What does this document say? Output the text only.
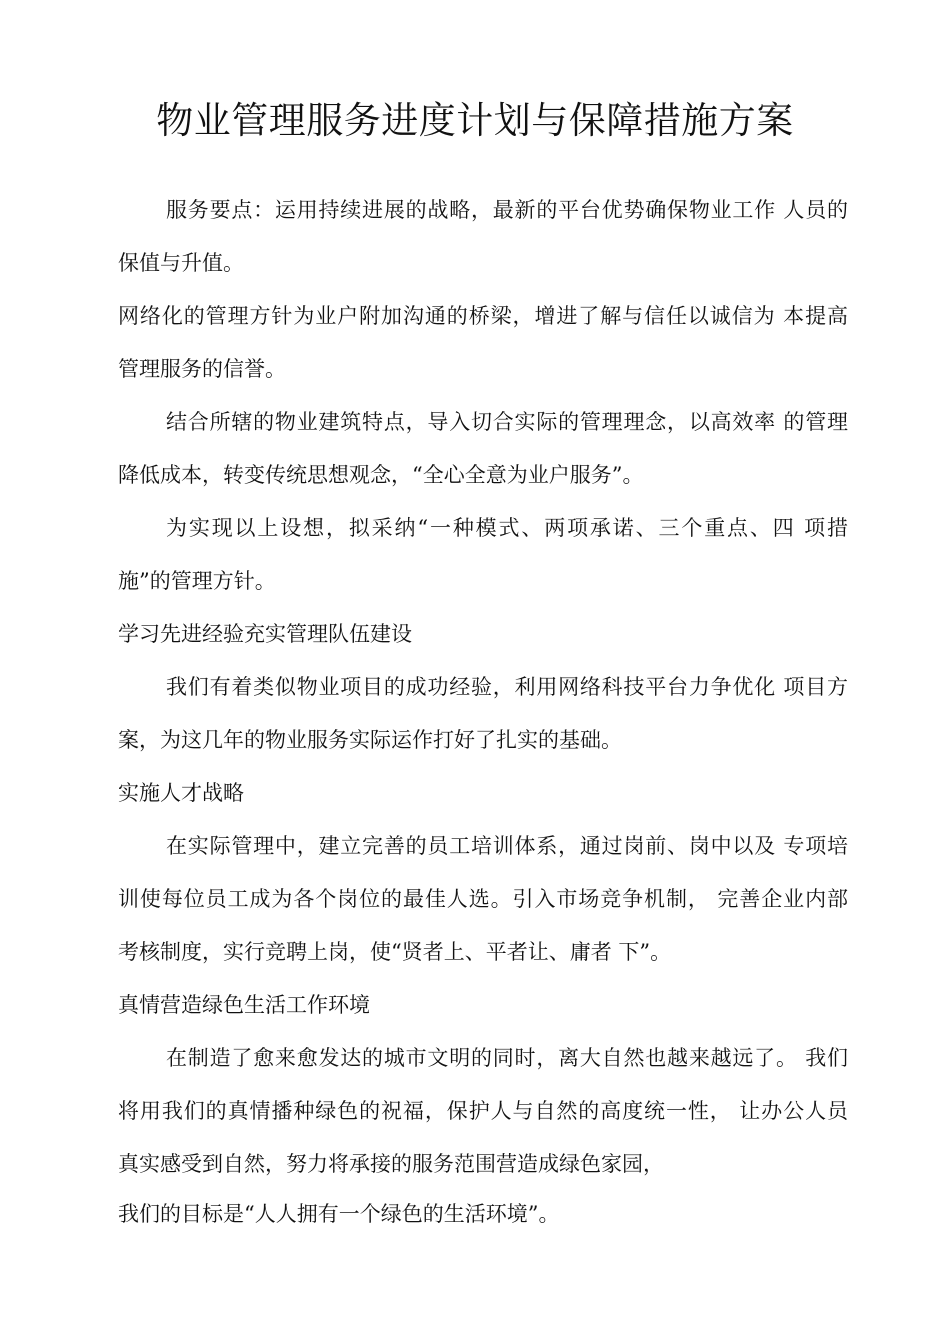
物业管理服务进度计划与保障措施方案
服务要点：运用持续进展的战略，最新的平台优势确保物业工作 人员的
保值与升值。
网络化的管理方针为业户附加沟通的桥梁，增进了解与信任以诚信为 本提高
管理服务的信誉。
结合所辖的物业建筑特点，导入切合实际的管理理念，以高效率 的管理
降低成本，转变传统思想观念，“全心全意为业户服务”。
为实现以上设想，拟采纳“一种模式、两项承诺、三个重点、四 项措
施”的管理方针。
学习先进经验充实管理队伍建设
我们有着类似物业项目的成功经验，利用网络科技平台力争优化 项目方
案，为这几年的物业服务实际运作打好了扎实的基础。
实施人才战略
在实际管理中，建立完善的员工培训体系，通过岗前、岗中以及 专项培
训使每位员工成为各个岗位的最佳人选。引入市场竞争机制， 完善企业内部
考核制度，实行竞聘上岗，使“贤者上、平者让、庸者 下”。
真情营造绿色生活工作环境
在制造了愈来愈发达的城市文明的同时，离大自然也越来越远了。 我们
将用我们的真情播种绿色的祝福，保护人与自然的高度统一性， 让办公人员
真实感受到自然，努力将承接的服务范围营造成绿色家园，
我们的目标是“人人拥有一个绿色的生活环境”。
